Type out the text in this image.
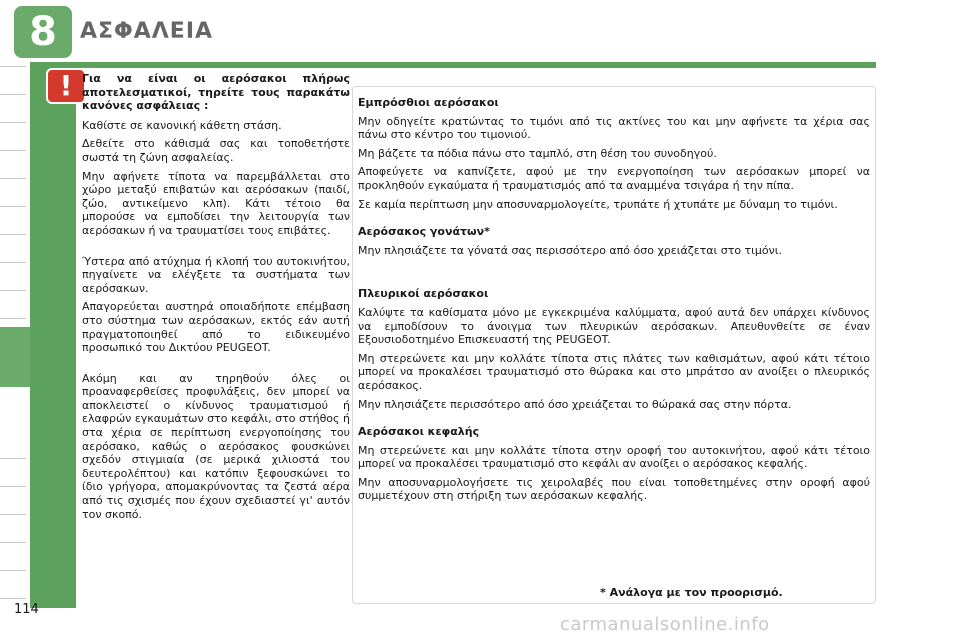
8 ΑΣΦΑΛΕΙΑ
! Για να είναι οι αερόσακοι πλήρως αποτελεσματικοί, τηρείτε τους παρακάτω κανόνες ασφάλειας :

Καθίστε σε κανονική κάθετη στάση.

Δεθείτε στο κάθισμά σας και τοποθετήστε σωστά τη ζώνη ασφαλείας.

Μην αφήνετε τίποτα να παρεμβάλλεται στο χώρο μεταξύ επιβατών και αερόσακων (παιδί, ζώο, αντικείμενο κλπ). Κάτι τέτοιο θα μπορούσε να εμποδίσει την λειτουργία των αερόσακων ή να τραυματίσει τους επιβάτες.

Ύστερα από ατύχημα ή κλοπή του αυτοκινήτου, πηγαίνετε να ελέγξετε τα συστήματα των αερόσακων.

Απαγορεύεται αυστηρά οποιαδήποτε επέμβαση στο σύστημα των αερόσακων, εκτός εάν αυτή πραγματοποιηθεί από το ειδικευμένο προσωπικό του Δικτύου PEUGEOT.

Ακόμη και αν τηρηθούν όλες οι προαναφερθείσες προφυλάξεις, δεν μπορεί να αποκλειστεί ο κίνδυνος τραυματισμού ή ελαφρών εγκαυμάτων στο κεφάλι, στο στήθος ή στα χέρια σε περίπτωση ενεργοποίησης του αερόσακο, καθώς ο αερόσακος φουσκώνει σχεδόν στιγμιαία (σε μερικά χιλιοστά του δευτερολέπτου) και κατόπιν ξεφουσκώνει το ίδιο γρήγορα, απομακρύνοντας τα ζεστά αέρα από τις σχισμές που έχουν σχεδιαστεί γι' αυτόν τον σκοπό.

Εμπρόσθιοι αερόσακοι

Μην οδηγείτε κρατώντας το τιμόνι από τις ακτίνες του και μην αφήνετε τα χέρια σας πάνω στο κέντρο του τιμονιού.

Μη βάζετε τα πόδια πάνω στο ταμπλό, στη θέση του συνοδηγού.

Αποφεύγετε να καπνίζετε, αφού με την ενεργοποίηση των αερόσακων μπορεί να προκληθούν εγκαύματα ή τραυματισμός από τα αναμμένα τσιγάρα ή την πίπα.

Σε καμία περίπτωση μην αποσυναρμολογείτε, τρυπάτε ή χτυπάτε με δύναμη το τιμόνι.

Αερόσακος γονάτων*

Μην πλησιάζετε τα γόνατά σας περισσότερο από όσο χρειάζεται στο τιμόνι.

Πλευρικοί αερόσακοι

Καλύψτε τα καθίσματα μόνο με εγκεκριμένα καλύμματα, αφού αυτά δεν υπάρχει κίνδυνος να εμποδίσουν το άνοιγμα των πλευρικών αερόσακων. Απευθυνθείτε σε έναν Εξουσιοδοτημένο Επισκευαστή της PEUGEOT.

Μη στερεώνετε και μην κολλάτε τίποτα στις πλάτες των καθισμάτων, αφού κάτι τέτοιο μπορεί να προκαλέσει τραυματισμό στο θώρακα και στο μπράτσο αν ανοίξει ο πλευρικός αερόσακος.

Μην πλησιάζετε περισσότερο από όσο χρειάζεται το θώρακά σας στην πόρτα.

Αερόσακοι κεφαλής

Μη στερεώνετε και μην κολλάτε τίποτα στην οροφή του αυτοκινήτου, αφού κάτι τέτοιο μπορεί να προκαλέσει τραυματισμό στο κεφάλι αν ανοίξει ο αερόσακος κεφαλής.

Μην αποσυναρμολογήσετε τις χειρολαβές που είναι τοποθετημένες στην οροφή αφού συμμετέχουν στη στήριξη των αερόσακων κεφαλής.

* Ανάλογα με τον προορισμό.
114
carmanualsonline.info
